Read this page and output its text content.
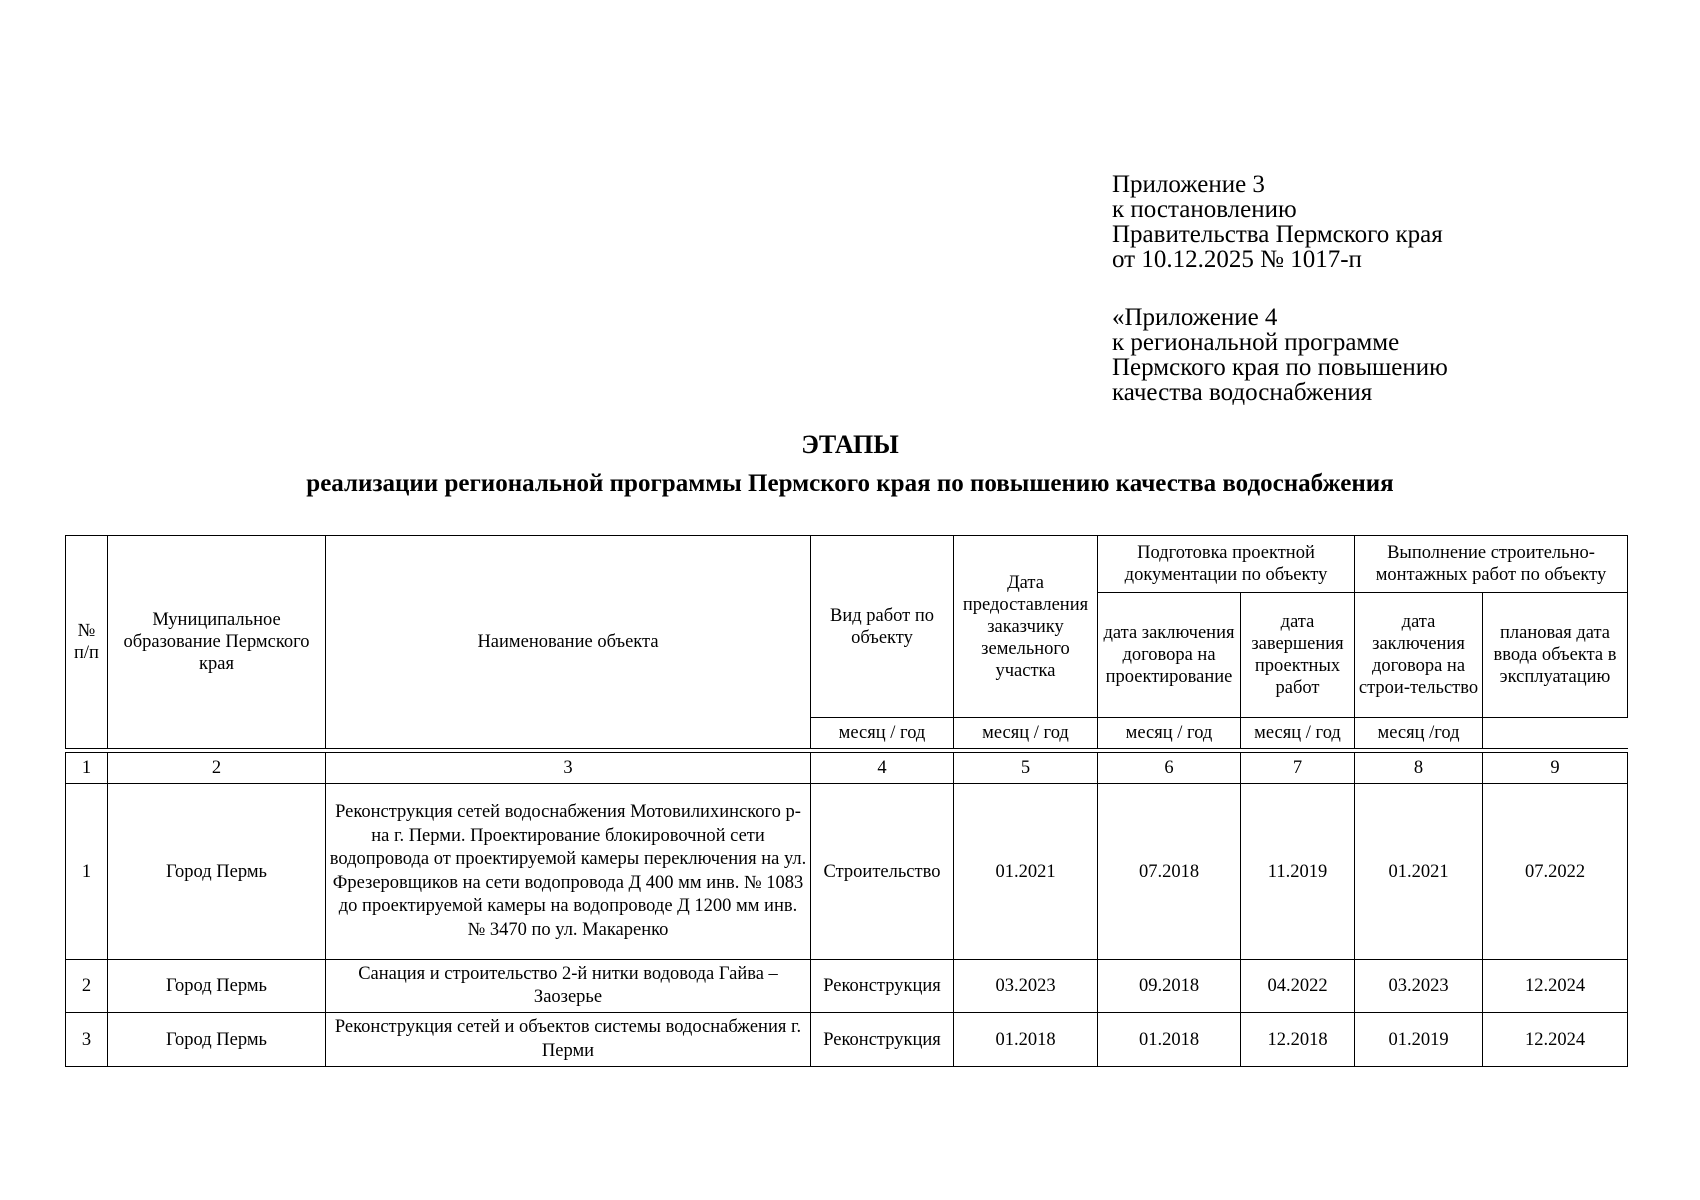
Приложение 3
к постановлению
Правительства Пермского края
от 10.12.2025 № 1017-п
«Приложение 4
к региональной программе
Пермского края по повышению
качества водоснабжения
ЭТАПЫ
реализации региональной программы Пермского края по повышению качества водоснабжения
№ п/п	Муниципальное образование Пермского края	Наименование объекта	Вид работ по объекту	Дата предоставления заказчику земельного участка	Подготовка проектной документации по объекту		Выполнение строительно-монтажных работ по объекту	
					дата заключения договора на проектирование	дата завершения проектных работ	дата заключения договора на строи-тельство	плановая дата ввода объекта в эксплуатацию
			месяц / год	месяц / год	месяц / год	месяц / год	месяц /год	

1	2	3	4	5	6	7	8	9
1	Город Пермь	Реконструкция сетей водоснабжения Мотовилихинского р-на г. Перми. Проектирование блокировочной сети водопровода от проектируемой камеры переключения на ул. Фрезеровщиков на сети водопровода Д 400 мм инв. № 1083 до проектируемой камеры на водопроводе Д 1200 мм инв. № 3470 по ул. Макаренко	Строительство	01.2021	07.2018	11.2019	01.2021	07.2022
2	Город Пермь	Санация и строительство 2-й нитки водовода Гайва – Заозерье	Реконструкция	03.2023	09.2018	04.2022	03.2023	12.2024
3	Город Пермь	Реконструкция сетей и объектов системы водоснабжения г. Перми	Реконструкция	01.2018	01.2018	12.2018	01.2019	12.2024
